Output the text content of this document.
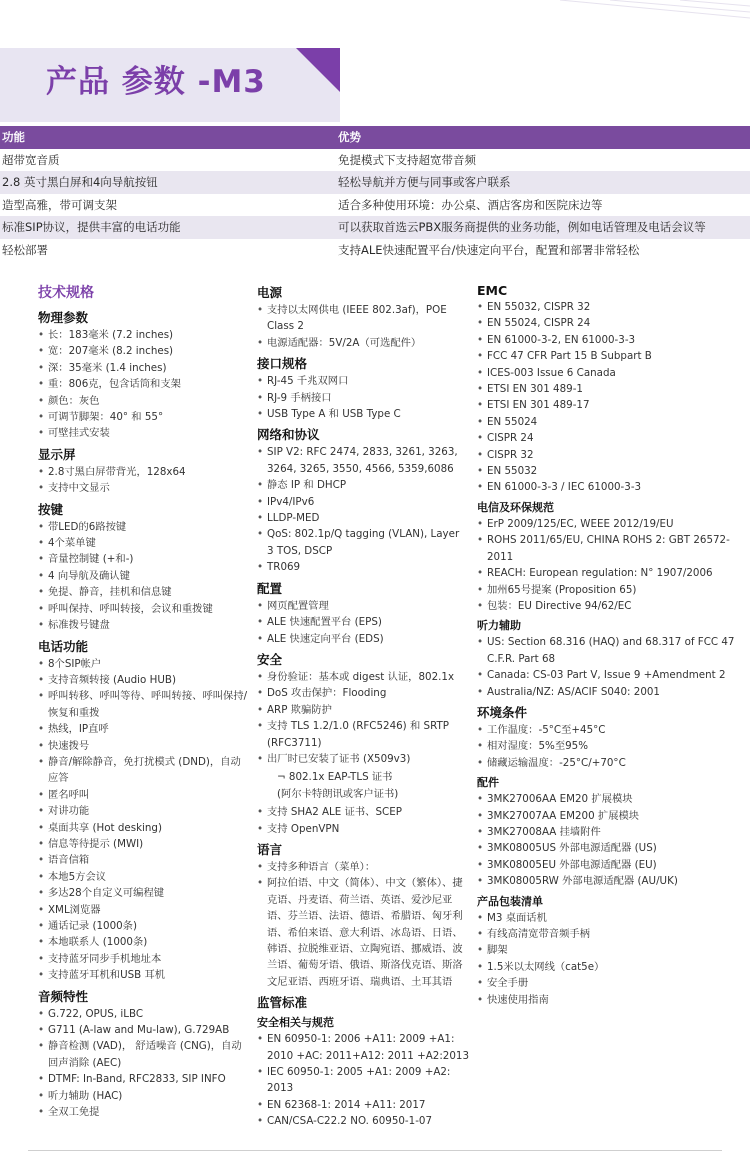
产品 参数 -M3
功能	优势
超带宽音质	免提模式下支持超宽带音频
2.8 英寸黑白屏和4向导航按钮	轻松导航并方便与同事或客户联系
造型高雅，带可调支架	适合多种使用环境：办公桌、酒店客房和医院床边等
标准SIP协议，提供丰富的电话功能	可以获取首选云PBX服务商提供的业务功能，例如电话管理及电话会议等
轻松部署	支持ALE快速配置平台/快速定向平台，配置和部署非常轻松
技术规格
物理参数
• 长：183毫米 (7.2 inches)
• 宽：207毫米 (8.2 inches)
• 深：35毫米 (1.4 inches)
• 重：806克，包含话筒和支架
• 颜色：灰色
• 可调节脚架：40° 和 55°
• 可壁挂式安装
显示屏
• 2.8寸黑白屏带背光，128x64
• 支持中文显示
按键
• 带LED的6路按键
• 4个菜单键
• 音量控制键 (+和-)
• 4 向导航及确认键
• 免提、静音，挂机和信息键
• 呼叫保持、呼叫转接，会议和重拨键
• 标准拨号键盘
电话功能
• 8个SIP帐户
• 支持音频转接 (Audio HUB)
• 呼叫转移、呼叫等待、呼叫转接、呼叫保持/恢复和重拨
• 热线，IP直呼
• 快速拨号
• 静音/解除静音，免打扰模式 (DND)，自动应答
• 匿名呼叫
• 对讲功能
• 桌面共享 (Hot desking)
• 信息等待提示 (MWI)
• 语音信箱
• 本地5方会议
• 多达28个自定义可编程键
• XML浏览器
• 通话记录 (1000条)
• 本地联系人 (1000条)
• 支持蓝牙同步手机地址本
• 支持蓝牙耳机和USB 耳机
音频特性
• G.722, OPUS, iLBC
• G711 (A-law and Mu-law), G.729AB
• 静音检测 (VAD)， 舒适噪音 (CNG)，自动回声消除 (AEC)
• DTMF: In-Band, RFC2833, SIP INFO
• 听力辅助 (HAC)
• 全双工免提
电源
• 支持以太网供电 (IEEE 802.3af)，POE Class 2
• 电源适配器：5V/2A（可选配件）
接口规格
• RJ-45 千兆双网口
• RJ-9 手柄接口
• USB Type A 和 USB Type C
网络和协议
• SIP V2: RFC 2474, 2833, 3261, 3263, 3264, 3265, 3550, 4566, 5359,6086
• 静态 IP 和 DHCP
• IPv4/IPv6
• LLDP-MED
• QoS: 802.1p/Q tagging (VLAN), Layer 3 TOS, DSCP
• TR069
配置
• 网页配置管理
• ALE 快速配置平台 (EPS)
• ALE 快速定向平台 (EDS)
安全
• 身份验证：基本或 digest 认证，802.1x
• DoS 攻击保护：Flooding
• ARP 欺骗防护
• 支持 TLS 1.2/1.0 (RFC5246) 和 SRTP (RFC3711)
• 出厂时已安装了证书 (X509v3)
¬ 802.1x EAP-TLS 证书
(阿尔卡特朗讯或客户证书)
• 支持 SHA2 ALE 证书、SCEP
• 支持 OpenVPN
语言
• 支持多种语言（菜单）：
• 阿拉伯语、中文（简体）、中文（繁体）、捷克语、丹麦语、荷兰语、英语、爱沙尼亚语、芬兰语、法语、德语、希腊语、匈牙利语、希伯来语、意大利语、冰岛语、日语、韩语、拉脱维亚语、立陶宛语、挪威语、波兰语、葡萄牙语、俄语、斯洛伐克语、斯洛文尼亚语、西班牙语、瑞典语、土耳其语
监管标准
安全相关与规范
• EN 60950-1: 2006 +A11: 2009 +A1: 2010 +AC: 2011+A12: 2011 +A2:2013
• IEC 60950-1: 2005 +A1: 2009 +A2: 2013
• EN 62368-1: 2014 +A11: 2017
• CAN/CSA-C22.2 NO. 60950-1-07
EMC
• EN 55032, CISPR 32
• EN 55024, CISPR 24
• EN 61000-3-2, EN 61000-3-3
• FCC 47 CFR Part 15 B Subpart B
• ICES-003 Issue 6 Canada
• ETSI EN 301 489-1
• ETSI EN 301 489-17
• EN 55024
• CISPR 24
• CISPR 32
• EN 55032
• EN 61000-3-3 / IEC 61000-3-3
电信及环保规范
• ErP 2009/125/EC, WEEE 2012/19/EU
• ROHS 2011/65/EU, CHINA ROHS 2: GBT 26572-2011
• REACH: European regulation: N° 1907/2006
• 加州65号提案 (Proposition 65)
• 包装：EU Directive 94/62/EC
听力辅助
• US: Section 68.316 (HAQ) and 68.317 of FCC 47 C.F.R. Part 68
• Canada: CS-03 Part V, Issue 9 +Amendment 2
• Australia/NZ: AS/ACIF S040: 2001
环境条件
• 工作温度：-5°C至+45°C
• 相对湿度：5%至95%
• 储藏运输温度：-25°C/+70°C
配件
• 3MK27006AA EM20 扩展模块
• 3MK27007AA EM200 扩展模块
• 3MK27008AA 挂墙附件
• 3MK08005US 外部电源适配器 (US)
• 3MK08005EU 外部电源适配器 (EU)
• 3MK08005RW 外部电源适配器 (AU/UK)
产品包装清单
• M3 桌面话机
• 有线高清宽带音频手柄
• 脚架
• 1.5米以太网线（cat5e）
• 安全手册
• 快速使用指南
